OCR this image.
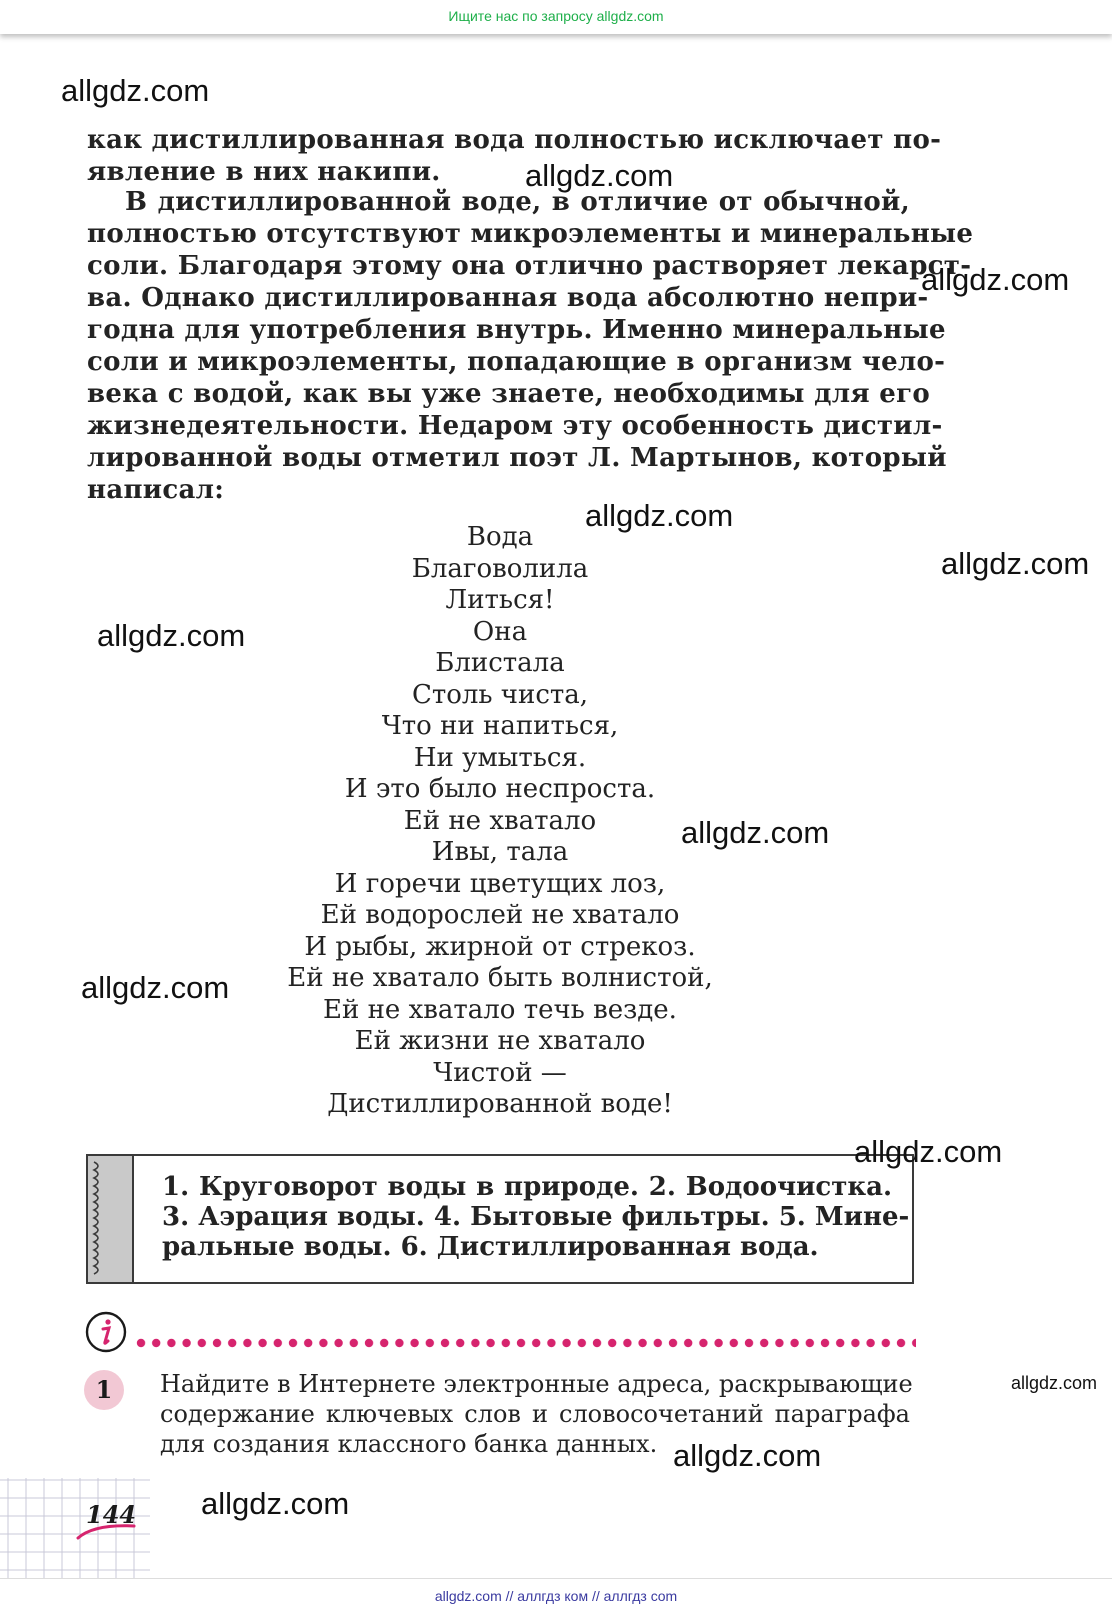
Ищите нас по запросу allgdz.com
как дистиллированная вода полностью исключает по-
явление в них накипи.
В дистиллированной воде, в отличие от обычной,
полностью отсутствуют микроэлементы и минеральные
соли. Благодаря этому она отлично растворяет лекарст-
ва. Однако дистиллированная вода абсолютно непри-
годна для употребления внутрь. Именно минеральные
соли и микроэлементы, попадающие в организм чело-
века с водой, как вы уже знаете, необходимы для его
жизнедеятельности. Недаром эту особенность дистил-
лированной воды отметил поэт Л. Мартынов, который
написал:
Вода
Благоволила
Литься!
Она
Блистала
Столь чиста,
Что ни напиться,
Ни умыться.
И это было неспроста.
Ей не хватало
Ивы, тала
И горечи цветущих лоз,
Ей водорослей не хватало
И рыбы, жирной от стрекоз.
Ей не хватало быть волнистой,
Ей не хватало течь везде.
Ей жизни не хватало
Чистой —
Дистиллированной воде!
1. Круговорот воды в природе. 2. Водоочистка.
3. Аэрация воды. 4. Бытовые фильтры. 5. Мине-
ральные воды. 6. Дистиллированная вода.
1	Найдите в Интернете электронные адреса, раскрывающие
содержание ключевых слов и словосочетаний параграфа
для создания классного банка данных.
144
allgdz.com
allgdz.com
allgdz.com
allgdz.com
allgdz.com
allgdz.com
allgdz.com
allgdz.com
allgdz.com
allgdz.com
allgdz.com
allgdz.com
allgdz.com // аллгдз ком // аллгдз com
